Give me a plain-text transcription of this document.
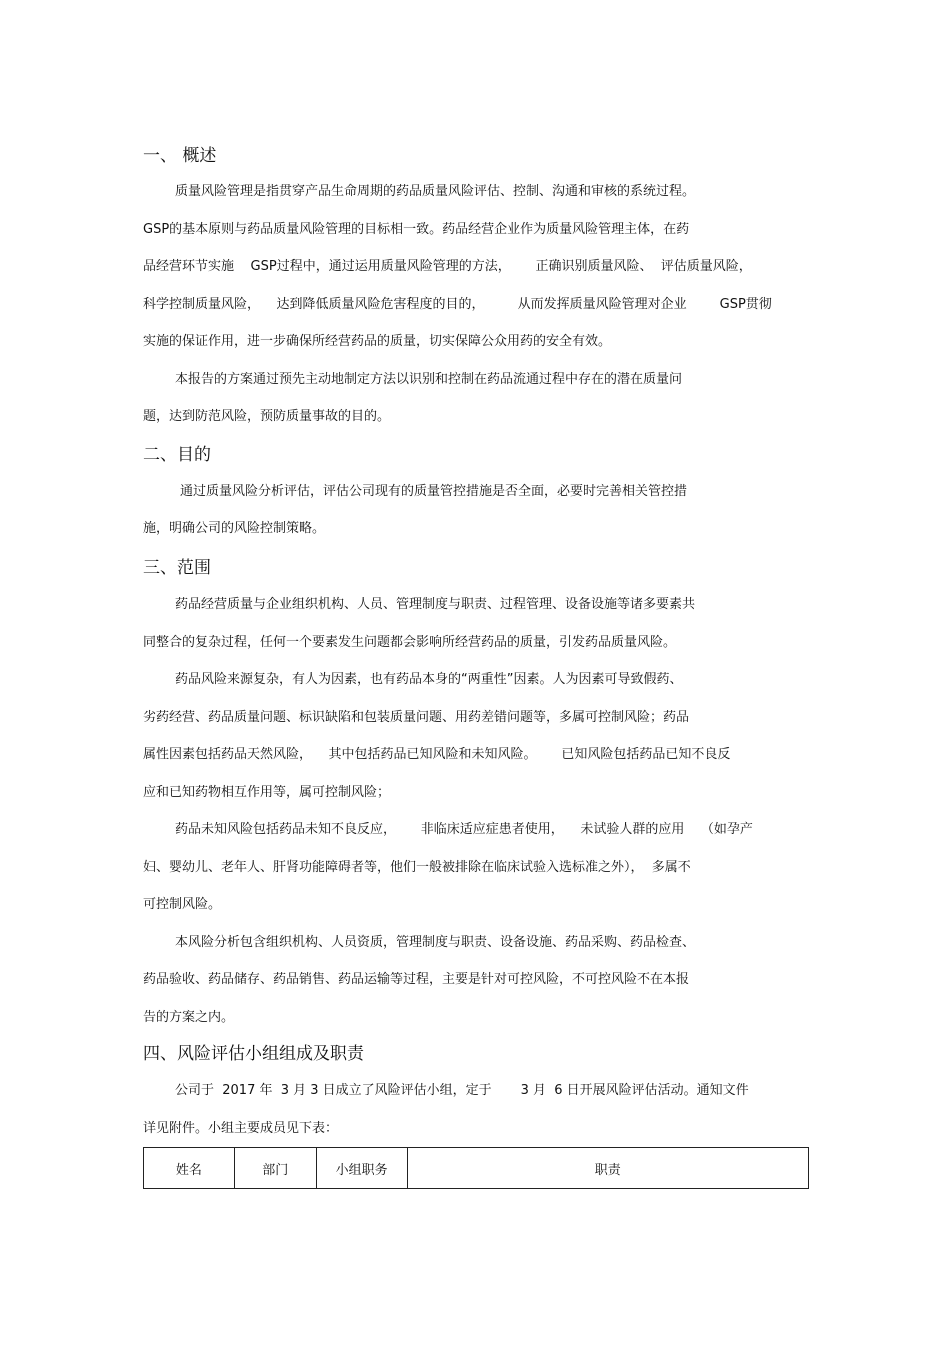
一、 概述
质量风险管理是指贯穿产品生命周期的药品质量风险评估、控制、沟通和审核的系统过程。
GSP的基本原则与药品质量风险管理的目标相一致。药品经营企业作为质量风险管理主体，在药
品经营环节实施    GSP过程中，通过运用质量风险管理的方法，      正确识别质量风险、  评估质量风险，
科学控制质量风险，    达到降低质量风险危害程度的目的，        从而发挥质量风险管理对企业        GSP贯彻
实施的保证作用，进一步确保所经营药品的质量，切实保障公众用药的安全有效。
本报告的方案通过预先主动地制定方法以识别和控制在药品流通过程中存在的潜在质量问
题，达到防范风险，预防质量事故的目的。
二、目的
通过质量风险分析评估，评估公司现有的质量管控措施是否全面，必要时完善相关管控措
施，明确公司的风险控制策略。
三、范围
药品经营质量与企业组织机构、人员、管理制度与职责、过程管理、设备设施等诸多要素共
同整合的复杂过程，任何一个要素发生问题都会影响所经营药品的质量，引发药品质量风险。
药品风险来源复杂，有人为因素，也有药品本身的“两重性”因素。人为因素可导致假药、
劣药经营、药品质量问题、标识缺陷和包装质量问题、用药差错问题等，多属可控制风险；药品
属性因素包括药品天然风险，    其中包括药品已知风险和未知风险。      已知风险包括药品已知不良反
应和已知药物相互作用等，属可控制风险；
药品未知风险包括药品未知不良反应，      非临床适应症患者使用，    未试验人群的应用    （如孕产
妇、婴幼儿、老年人、肝肾功能障碍者等，他们一般被排除在临床试验入选标准之外），  多属不
可控制风险。
本风险分析包含组织机构、人员资质，管理制度与职责、设备设施、药品采购、药品检查、
药品验收、药品储存、药品销售、药品运输等过程，主要是针对可控风险，不可控风险不在本报
告的方案之内。
四、风险评估小组组成及职责
公司于  2017 年  3 月 3 日成立了风险评估小组，定于       3 月  6 日开展风险评估活动。通知文件
详见附件。小组主要成员见下表：
姓名	部门	小组职务	职责
